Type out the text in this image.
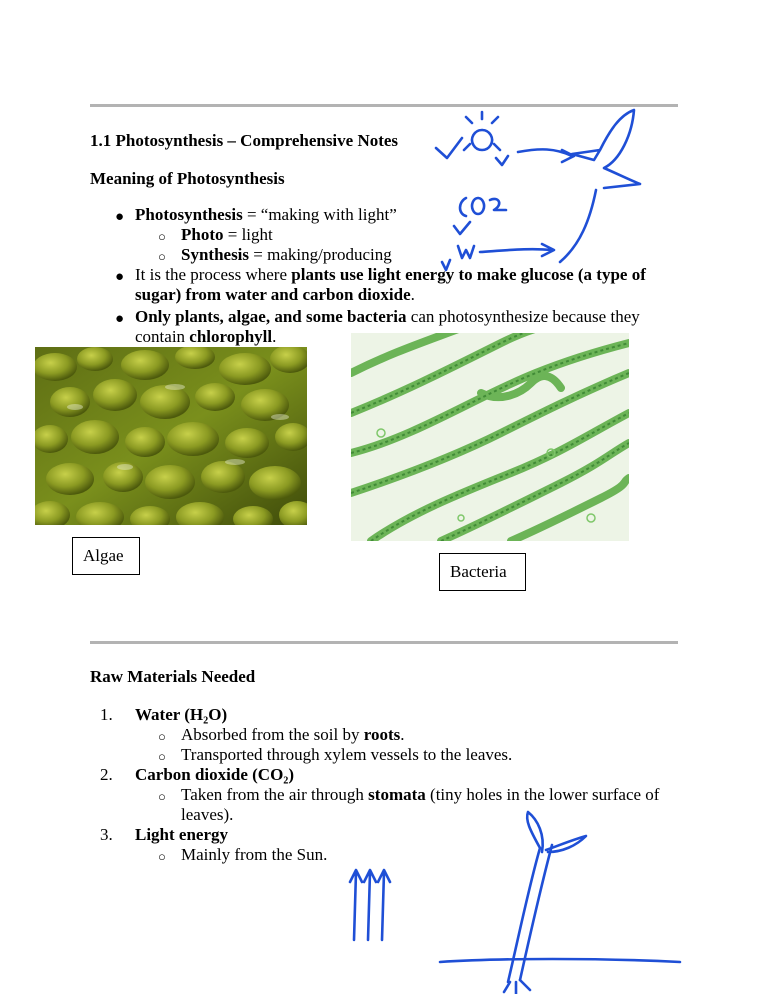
1.1 Photosynthesis – Comprehensive Notes

Meaning of Photosynthesis

● Photosynthesis = “making with light”
○ Photo = light
○ Synthesis = making/producing
● It is the process where plants use light energy to make glucose (a type of
sugar) from water and carbon dioxide.
● Only plants, algae, and some bacteria can photosynthesize because they
contain chlorophyll.
Algae
Bacteria

Raw Materials Needed

1. Water (H₂O)
○ Absorbed from the soil by roots.
○ Transported through xylem vessels to the leaves.
2. Carbon dioxide (CO₂)
○ Taken from the air through stomata (tiny holes in the lower surface of
leaves).
3. Light energy
○ Mainly from the Sun.
